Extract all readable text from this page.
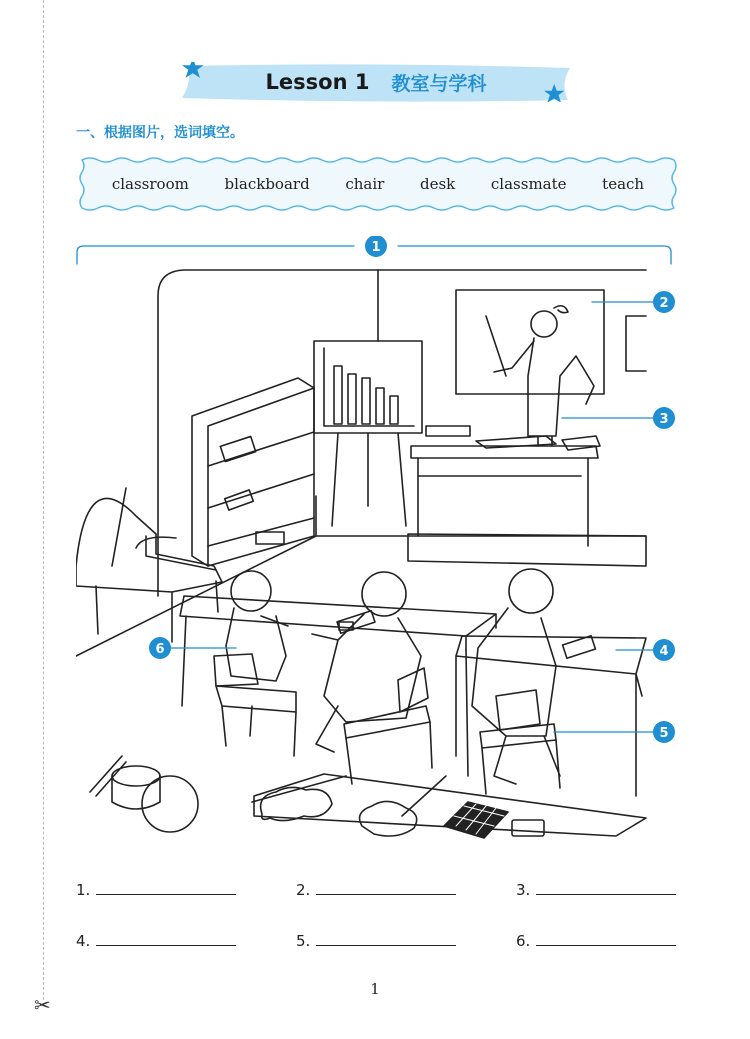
✂
Lesson 1 教室与学科
一、根据图片，选词填空。
classroom blackboard chair desk classmate teach
1
2
3
4
5
6
1.	2.	3.
4.	5.	6.
1
